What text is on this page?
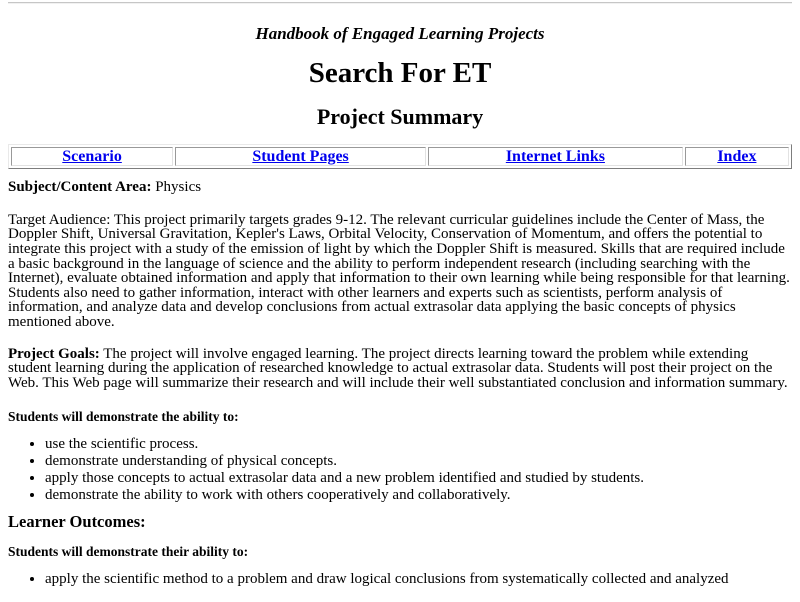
Handbook of Engaged Learning Projects
Search For ET
Project Summary
Scenario	Student Pages	Internet Links	Index

Subject/Content Area: Physics

Target Audience: This project primarily targets grades 9-12. The relevant curricular guidelines include the Center of Mass, the Doppler Shift, Universal Gravitation, Kepler's Laws, Orbital Velocity, Conservation of Momentum, and offers the potential to integrate this project with a study of the emission of light by which the Doppler Shift is measured. Skills that are required include a basic background in the language of science and the ability to perform independent research (including searching with the Internet), evaluate obtained information and apply that information to their own learning while being responsible for that learning. Students also need to gather information, interact with other learners and experts such as scientists, perform analysis of information, and analyze data and develop conclusions from actual extrasolar data applying the basic concepts of physics mentioned above.

Project Goals: The project will involve engaged learning. The project directs learning toward the problem while extending student learning during the application of researched knowledge to actual extrasolar data. Students will post their project on the Web. This Web page will summarize their research and will include their well substantiated conclusion and information summary.

Students will demonstrate the ability to:
• use the scientific process.
• demonstrate understanding of physical concepts.
• apply those concepts to actual extrasolar data and a new problem identified and studied by students.
• demonstrate the ability to work with others cooperatively and collaboratively.

Learner Outcomes:

Students will demonstrate their ability to:
• apply the scientific method to a problem and draw logical conclusions from systematically collected and analyzed
